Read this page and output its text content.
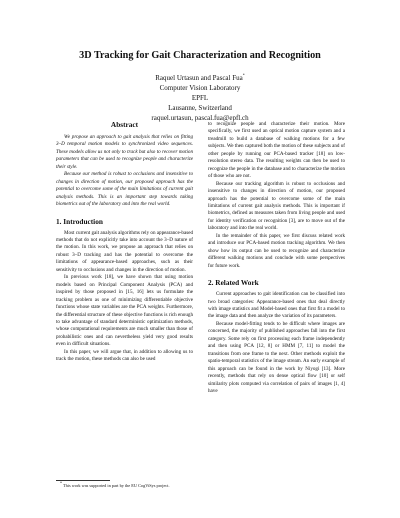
3D Tracking for Gait Characterization and Recognition
Raquel Urtasun and Pascal Fua*
Computer Vision Laboratory
EPFL
Lausanne, Switzerland
raquel.urtasun, pascal.fua@epfl.ch
Abstract

We propose an approach to gait analysis that relies on fitting 3–D temporal motion models to synchronized video sequences. These models allow us not only to track but also to recover motion parameters that can be used to recognize people and characterize their style.

Because our method is robust to occlusions and insensitive to changes in direction of motion, our proposed approach has the potential to overcome some of the main limitations of current gait analysis methods. This is an important step towards taking biometrics out of the laboratory and into the real world.

1. Introduction

Most current gait analysis algorithms rely on appearance-based methods that do not explicitly take into account the 3–D nature of the motion. In this work, we propose an approach that relies on robust 3–D tracking and has the potential to overcome the limitations of appearance-based approaches, such as their sensitivity to occlusions and changes in the direction of motion.

In previous work [18], we have shown that using motion models based on Principal Component Analysis (PCA) and inspired by those proposed in [15, 16] lets us formulate the tracking problem as one of minimizing differentiable objective functions whose state variables are the PCA weights. Furthermore, the differential structure of these objective functions is rich enough to take advantage of standard deterministic optimization methods, whose computational requirements are much smaller than those of probabilistic ones and can nevertheless yield very good results even in difficult situations.

In this paper, we will argue that, in addition to allowing us to track the motion, these methods can also be used

* This work was supported in part by the EU CogViSys project.

to recognize people and characterize their motion. More specifically, we first used an optical motion capture system and a treadmill to build a database of walking motions for a few subjects. We then captured both the motion of these subjects and of other people by running our PCA-based tracker [18] on low-resolution stereo data. The resulting weights can then be used to recognize the people in the database and to characterize the motion of those who are not.

Because our tracking algorithm is robust to occlusions and insensitive to changes in direction of motion, our proposed approach has the potential to overcome some of the main limitations of current gait analysis methods. This is important if biometrics, defined as measures taken from living people and used for identity verification or recognition [3], are to move out of the laboratory and into the real world.

In the remainder of this paper, we first discuss related work and introduce our PCA-based motion tracking algorithm. We then show how its output can be used to recognize and characterize different walking motions and conclude with some perspectives for future work.

2. Related Work

Current approaches to gait identification can be classified into two broad categories: Appearance-based ones that deal directly with image statistics and Model-based ones that first fit a model to the image data and then analyze the variation of its parameters.

Because model-fitting tends to be difficult where images are concerned, the majority of published approaches fall into the first category. Some rely on first processing each frame independently and then using PCA [12, 8] or HMM [7, 11] to model the transitions from one frame to the next. Other methods exploit the spatio-temporal statistics of the image stream. An early example of this approach can be found in the work by Niyogi [13]. More recently, methods that rely on dense optical flow [10] or self similarity plots computed via correlation of pairs of images [1, 4] have
